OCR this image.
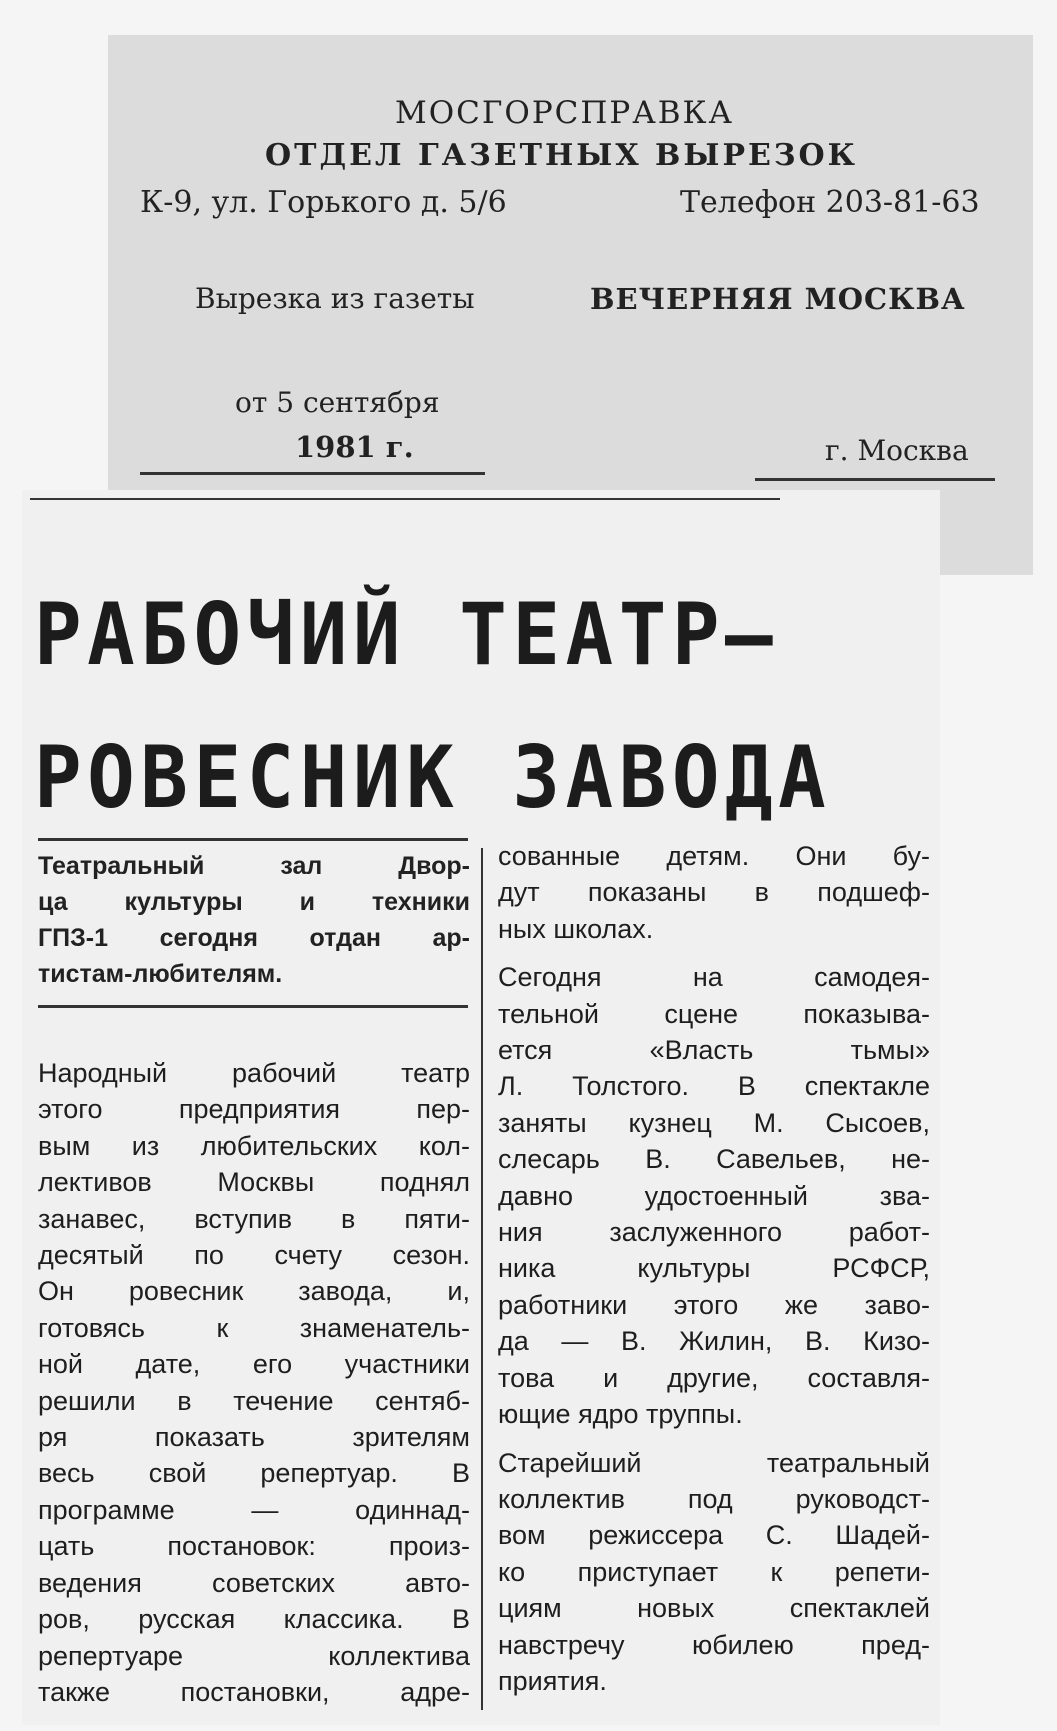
МОСГОРСПРАВКА
ОТДЕЛ ГАЗЕТНЫХ ВЫРЕЗОК
К-9, ул. Горького д. 5/6	Телефон 203-81-63
Вырезка из газеты	ВЕЧЕРНЯЯ МОСКВА
от 5 сентября
1981 г.	г. Москва
РАБОЧИЙ ТЕАТР—
РОВЕСНИК ЗАВОДА
Театральный зал Двор-
ца культуры и техники
ГПЗ-1 сегодня отдан ар-
тистам-любителям.
Народный рабочий театр
этого предприятия пер-
вым из любительских кол-
лективов Москвы поднял
занавес, вступив в пяти-
десятый по счету сезон.
Он ровесник завода, и,
готовясь к знаменатель-
ной дате, его участники
решили в течение сентяб-
ря показать зрителям
весь свой репертуар. В
программе — одиннад-
цать постановок: произ-
ведения советских авто-
ров, русская классика. В
репертуаре коллектива
также постановки, адре-
сованные детям. Они бу-
дут показаны в подшеф-
ных школах.
Сегодня на самодея-
тельной сцене показыва-
ется «Власть тьмы»
Л. Толстого. В спектакле
заняты кузнец М. Сысоев,
слесарь В. Савельев, не-
давно удостоенный зва-
ния заслуженного работ-
ника культуры РСФСР,
работники этого же заво-
да — В. Жилин, В. Кизо-
това и другие, составля-
ющие ядро труппы.
Старейший театральный
коллектив под руководст-
вом режиссера С. Шадей-
ко приступает к репети-
циям новых спектаклей
навстречу юбилею пред-
приятия.
